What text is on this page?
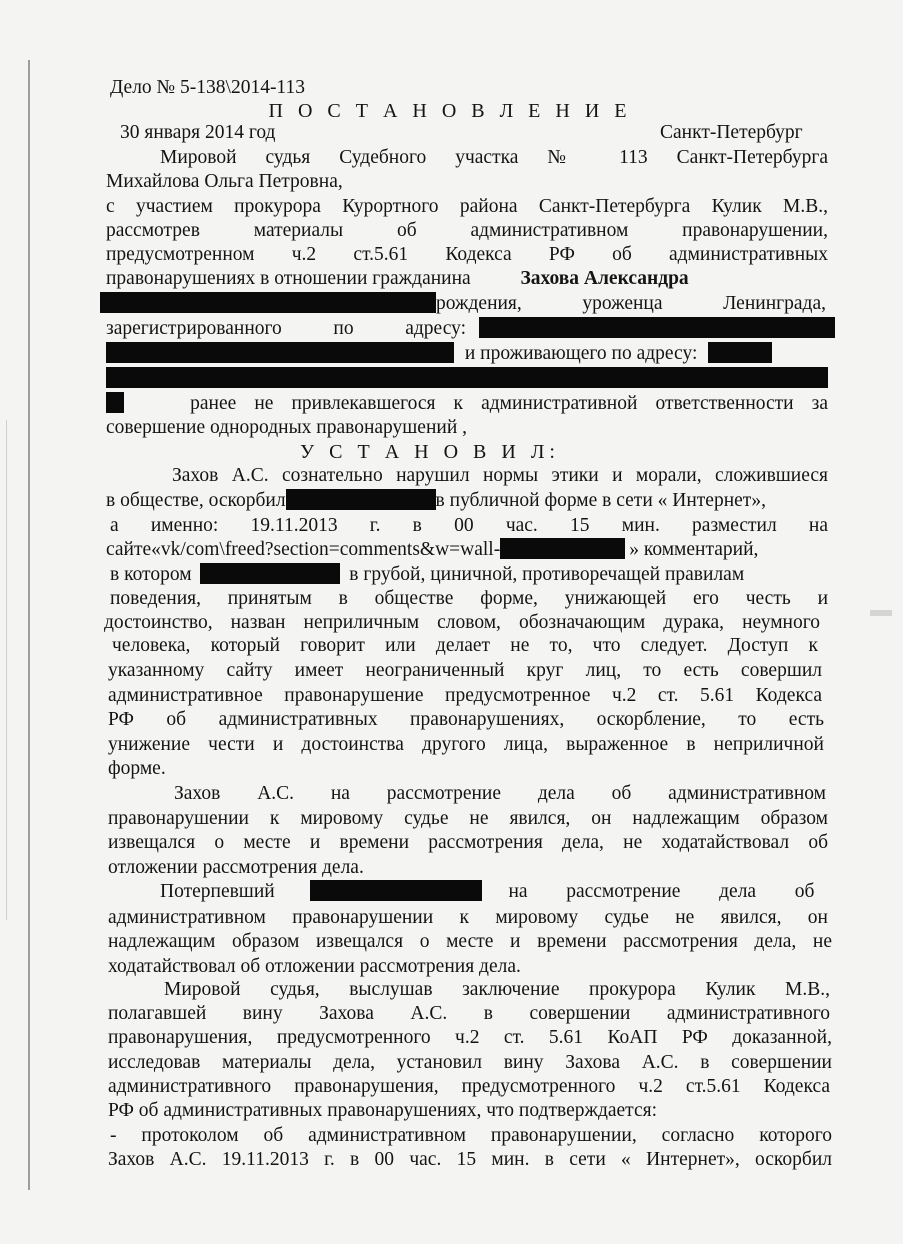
Дело № 5-138\2014-113
П О С Т А Н О В Л Е Н И Е
30 января 2014 год	Санкт-Петербург
Мировой судья Судебного участка № 113 Санкт-Петербурга
Михайлова Ольга Петровна,
с участием прокурора Курортного района Санкт-Петербурга Кулик М.В.,
рассмотрев материалы об административном правонарушении,
предусмотренном ч.2 ст.5.61 Кодекса РФ об административных
правонарушениях в отношении гражданина	Захова Александра
рождения, уроженца Ленинграда,
зарегистрированного по адресу:
и проживающего по адресу:
ранее не привлекавшегося к административной ответственности за
совершение однородных правонарушений ,
У С Т А Н О В И Л:
Захов А.С. сознательно нарушил нормы этики и морали, сложившиеся
в обществе, оскорбил	в публичной форме в сети « Интернет»,
а именно: 19.11.2013 г. в 00 час. 15 мин. разместил на
сайте«vk/com\freed?section=comments&w=wall-	» комментарий,
в котором	в грубой, циничной, противоречащей правилам
поведения, принятым в обществе форме, унижающей его честь и
достоинство, назван неприличным словом, обозначающим дурака, неумного
человека, который говорит или делает не то, что следует. Доступ к
указанному сайту имеет неограниченный круг лиц, то есть совершил
административное правонарушение предусмотренное ч.2 ст. 5.61 Кодекса
РФ об административных правонарушениях, оскорбление, то есть
унижение чести и достоинства другого лица, выраженное в неприличной
форме.
Захов А.С. на рассмотрение дела об административном
правонарушении к мировому судье не явился, он надлежащим образом
извещался о месте и времени рассмотрения дела, не ходатайствовал об
отложении рассмотрения дела.
Потерпевший	на рассмотрение дела об
административном правонарушении к мировому судье не явился, он
надлежащим образом извещался о месте и времени рассмотрения дела, не
ходатайствовал об отложении рассмотрения дела.
Мировой судья, выслушав заключение прокурора Кулик М.В.,
полагавшей вину Захова А.С. в совершении административного
правонарушения, предусмотренного ч.2 ст. 5.61 КоАП РФ доказанной,
исследовав материалы дела, установил вину Захова А.С. в совершении
административного правонарушения, предусмотренного ч.2 ст.5.61 Кодекса
РФ об административных правонарушениях, что подтверждается:
- протоколом об административном правонарушении, согласно которого
Захов А.С. 19.11.2013 г. в 00 час. 15 мин. в сети « Интернет», оскорбил
